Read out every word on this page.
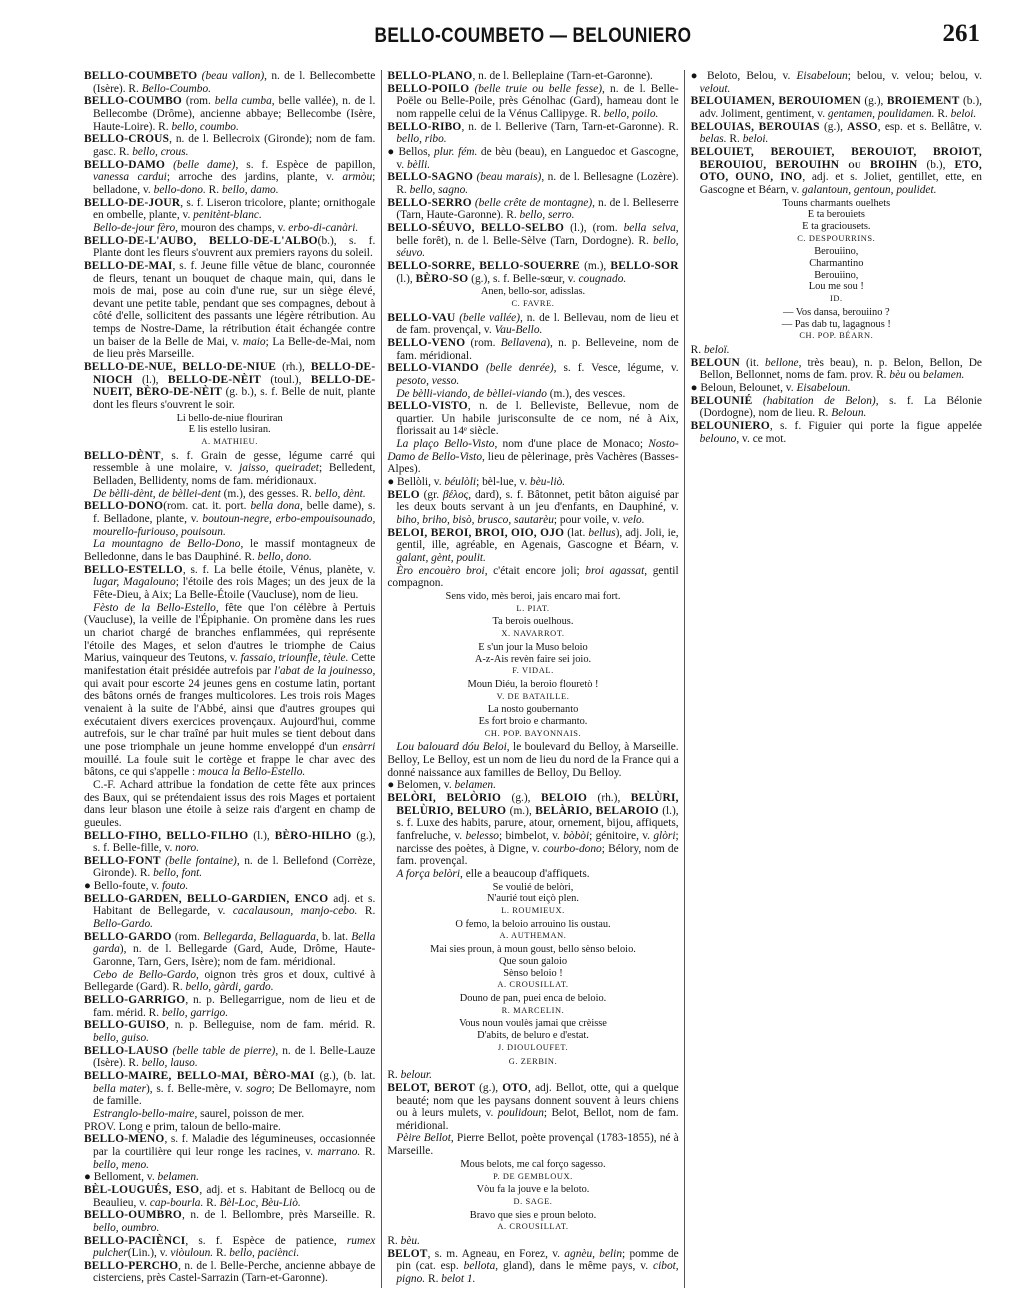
BELLO-COUMBETO — BELOUNIERO	261

BELLO-COUMBETO (beau vallon), n. de l. Bellecombette (Isère). R. Bello-Coumbo.

BELLO-COUMBO (rom. bella cumba, belle vallée), n. de l. Bellecombe (Drôme), ancienne abbaye; Bellecombe (Isère, Haute-Loire). R. bello, coumbo.

BELLO-CROUS, n. de l. Bellecroix (Gironde); nom de fam. gasc. R. bello, crous.

BELLO-DAMO (belle dame), s. f. Espèce de papillon, vanessa cardui; arroche des jardins, plante, v. armòu; belladone, v. bello-dono. R. bello, damo.

BELLO-DE-JOUR, s. f. Liseron tricolore, plante; ornithogale en ombelle, plante, v. penitènt-blanc.

Bello-de-jour fèro, mouron des champs, v. erbo-di-canàri.

BELLO-DE-L'AUBO, BELLO-DE-L'ALBO(b.), s. f. Plante dont les fleurs s'ouvrent aux premiers rayons du soleil.

BELLO-DE-MAI, s. f. Jeune fille vêtue de blanc, couronnée de fleurs, tenant un bouquet de chaque main, qui, dans le mois de mai, pose au coin d'une rue, sur un siège élevé, devant une petite table, pendant que ses compagnes, debout à côté d'elle, sollicitent des passants une légère rétribution. Au temps de Nostre-Dame, la rétribution était échangée contre un baiser de la Belle de Mai, v. maio; La Belle-de-Mai, nom de lieu près Marseille.

BELLO-DE-NUE, BELLO-DE-NIUE (rh.), BELLO-DE-NIOCH (l.), BELLO-DE-NÈIT (toul.), BELLO-DE-NUEIT, BÈRO-DE-NÈIT (g. b.), s. f. Belle de nuit, plante dont les fleurs s'ouvrent le soir.

Li bello-de-niue flouriran
E lis estello lusiran.
A. MATHIEU.

BELLO-DÈNT, s. f. Grain de gesse, légume carré qui ressemble à une molaire, v. jaisso, queiradet; Belledent, Belladen, Bellidenty, noms de fam. méridionaux.

De bèlli-dènt, de bèllei-dent (m.), des gesses. R. bello, dènt.

BELLO-DONO(rom. cat. it. port. bella dona, belle dame), s. f. Belladone, plante, v. boutoun-negre, erbo-empouisounado, mourello-furiouso, pouisoun.

La mountagno de Bello-Dono, le massif montagneux de Belledonne, dans le bas Dauphiné. R. bello, dono.

BELLO-ESTELLO, s. f. La belle étoile, Vénus, planète, v. lugar, Magalouno; l'étoile des rois Mages; un des jeux de la Fête-Dieu, à Aix; La Belle-Étoile (Vaucluse), nom de lieu.

Fèsto de la Bello-Estello, fête que l'on célèbre à Pertuis (Vaucluse), la veille de l'Épiphanie. On promène dans les rues un chariot chargé de branches enflammées, qui représente l'étoile des Mages, et selon d'autres le triomphe de Caius Marius, vainqueur des Teutons, v. fassaio, triounfle, tèule. Cette manifestation était présidée autrefois par l'abat de la jouinesso, qui avait pour escorte 24 jeunes gens en costume latin, portant des bâtons ornés de franges multicolores. Les trois rois Mages venaient à la suite de l'Abbé, ainsi que d'autres groupes qui exécutaient divers exercices provençaux. Aujourd'hui, comme autrefois, sur le char traîné par huit mules se tient debout dans une pose triomphale un jeune homme enveloppé d'un ensàrri mouillé. La foule suit le cortège et frappe le char avec des bâtons, ce qui s'appelle : mouca la Bello-Estello.

C.-F. Achard attribue la fondation de cette fête aux princes des Baux, qui se prétendaient issus des rois Mages et portaient dans leur blason une étoile à seize rais d'argent en champ de gueules.

BELLO-FIHO, BELLO-FILHO (l.), BÈRO-HILHO (g.), s. f. Belle-fille, v. noro.

BELLO-FONT (belle fontaine), n. de l. Bellefond (Corrèze, Gironde). R. bello, font.

● Bello-foute, v. fouto.

BELLO-GARDEN, BELLO-GARDIEN, ENCO adj. et s. Habitant de Bellegarde, v. cacalausoun, manjo-cebo. R. Bello-Gardo.

BELLO-GARDO (rom. Bellegarda, Bellaguarda, b. lat. Bella garda), n. de l. Bellegarde (Gard, Aude, Drôme, Haute-Garonne, Tarn, Gers, Isère); nom de fam. méridional.

Cebo de Bello-Gardo, oignon très gros et doux, cultivé à Bellegarde (Gard). R. bello, gàrdi, gardo.

BELLO-GARRIGO, n. p. Bellegarrigue, nom de lieu et de fam. mérid. R. bello, garrigo.

BELLO-GUISO, n. p. Belleguise, nom de fam. mérid. R. bello, guiso.

BELLO-LAUSO (belle table de pierre), n. de l. Belle-Lauze (Isère). R. bello, lauso.

BELLO-MAIRE, BELLO-MAI, BÈRO-MAI (g.), (b. lat. bella mater), s. f. Belle-mère, v. sogro; De Bellomayre, nom de famille.

Estranglo-bello-maire, saurel, poisson de mer.

PROV. Long e prim, taloun de bello-maire.

BELLO-MENO, s. f. Maladie des légumineuses, occasionnée par la courtilière qui leur ronge les racines, v. marrano. R. bello, meno.

● Belloment, v. belamen.

BÈL-LOUGUÉS, ESO, adj. et s. Habitant de Bellocq ou de Beaulieu, v. cap-bourla. R. Bèl-Loc, Bèu-Liò.

BELLO-OUMBRO, n. de l. Bellombre, près Marseille. R. bello, oumbro.

BELLO-PACIÈNCI, s. f. Espèce de patience, rumex pulcher(Lin.), v. viòuloun. R. bello, paciènci.

BELLO-PERCHO, n. de l. Belle-Perche, ancienne abbaye de cisterciens, près Castel-Sarrazin (Tarn-et-Garonne).

BELLO-PLANO, n. de l. Belleplaine (Tarn-et-Garonne).

BELLO-POILO (belle truie ou belle fesse), n. de l. Belle-Poële ou Belle-Poile, près Génolhac (Gard), hameau dont le nom rappelle celui de la Vénus Callipyge. R. bello, poilo.

BELLO-RIBO, n. de l. Bellerive (Tarn, Tarn-et-Garonne). R. bello, ribo.

● Bellos, plur. fém. de bèu (beau), en Languedoc et Gascogne, v. bèlli.

BELLO-SAGNO (beau marais), n. de l. Bellesagne (Lozère). R. bello, sagno.

BELLO-SERRO (belle crête de montagne), n. de l. Belleserre (Tarn, Haute-Garonne). R. bello, serro.

BELLO-SÉUVO, BELLO-SELBO (l.), (rom. bella selva, belle forêt), n. de l. Belle-Sèlve (Tarn, Dordogne). R. bello, séuvo.

BELLO-SORRE, BELLO-SOUERRE (m.), BELLO-SOR (l.), BÈRO-SO (g.), s. f. Belle-sœur, v. cougnado.

Anen, bello-sor, adisslas.
C. FAVRE.

BELLO-VAU (belle vallée), n. de l. Bellevau, nom de lieu et de fam. provençal, v. Vau-Bello.

BELLO-VENO (rom. Bellavena), n. p. Belleveine, nom de fam. méridional.

BELLO-VIANDO (belle denrée), s. f. Vesce, légume, v. pesoto, vesso.

De bèlli-viando, de bèllei-viando (m.), des vesces.

BELLO-VISTO, n. de l. Belleviste, Bellevue, nom de quartier. Un habile jurisconsulte de ce nom, né à Aix, florissait au 14ᵉ siècle.

La plaço Bello-Visto, nom d'une place de Monaco; Nosto-Damo de Bello-Visto, lieu de pèlerinage, près Vachères (Basses-Alpes).

● Bellòli, v. béulòli; bèl-lue, v. bèu-liò.

BELO (gr. βέλος, dard), s. f. Bâtonnet, petit bâton aiguisé par les deux bouts servant à un jeu d'enfants, en Dauphiné, v. biho, briho, bisò, brusco, sautarèu; pour voile, v. velo.

BELOI, BEROI, BROI, OIO, OJO (lat. bellus), adj. Joli, ie, gentil, ille, agréable, en Agenais, Gascogne et Béarn, v. galant, gènt, poulit.

Èro encouèro broi, c'était encore joli; broi agassat, gentil compagnon.

Sens vido, mès beroi, jais encaro mai fort.
L. PIAT.
Ta berois ouelhous.
X. NAVARROT.
E s'un jour la Muso beloio
A-z-Ais revèn faire sei joio.
F. VIDAL.
Moun Diéu, la beroio flouretò !
V. DE BATAILLE.
La nosto goubernanto
Es fort broio e charmanto.
CH. POP. BAYONNAIS.

Lou balouard dóu Beloi, le boulevard du Belloy, à Marseille. Belloy, Le Belloy, est un nom de lieu du nord de la France qui a donné naissance aux familles de Belloy, Du Belloy.

● Belomen, v. belamen.

BELÒRI, BELÒRIO (g.), BELOIO (rh.), BELÙRI, BELÙRIO, BELURO (m.), BELÀRIO, BELAROIO (l.), s. f. Luxe des habits, parure, atour, ornement, bijou, affiquets, fanfreluche, v. belesso; bimbelot, v. bòbòi; génitoire, v. glòri; narcisse des poètes, à Digne, v. courbo-dono; Bélory, nom de fam. provençal.

A força belòri, elle a beaucoup d'affiquets.

Se voulié de belòri,
N'aurié tout eiçò plen.
L. ROUMIEUX.
O femo, la beloio arrouino lis oustau.
A. AUTHEMAN.
Mai sies proun, à moun goust, bello sènso beloio.
Que soun galoio
Sènso beloio !
A. CROUSILLAT.
Douno de pan, puei enca de beloio.
R. MARCELIN.
Vous noun voulès jamai que crèisse
D'abits, de beluro e d'estat.
J. DIOULOUFET.
G. ZERBIN.

R. belour.

BELOT, BEROT (g.), OTO, adj. Bellot, otte, qui a quelque beauté; nom que les paysans donnent souvent à leurs chiens ou à leurs mulets, v. poulidoun; Belot, Bellot, nom de fam. méridional.

Pèire Bellot, Pierre Bellot, poète provençal (1783-1855), né à Marseille.

Mous belots, me cal forço sagesso.
P. DE GEMBLOUX.
Vòu fa la jouve e la beloto.
D. SAGE.
Bravo que sies e proun beloto.
A. CROUSILLAT.

R. bèu.

BELOT, s. m. Agneau, en Forez, v. agnèu, belin; pomme de pin (cat. esp. bellota, gland), dans le même pays, v. cibot, pigno. R. belot 1.

● Beloto, Belou, v. Eisabeloun; belou, v. velou; belou, v. velout.

BELOUIAMEN, BEROUIOMEN (g.), BROIEMENT (b.), adv. Joliment, gentiment, v. gentamen, poulidamen. R. beloi.

BELOUIAS, BEROUIAS (g.), ASSO, esp. et s. Bellâtre, v. belas. R. beloi.

BELOUIET, BEROUIET, BEROUIOT, BROIOT, BEROUIOU, BEROUIHN ou BROIHN (b.), ETO, OTO, OUNO, INO, adj. et s. Joliet, gentillet, ette, en Gascogne et Béarn, v. galantoun, gentoun, poulidet.

Touns charmants ouelhets
E ta berouiets
E ta graciousets.
C. DESPOURRINS.
Berouiino,
Charmantino
Berouiino,
Lou me sou !
ID.
— Vos dansa, berouiino ?
— Pas dab tu, lagagnous !
CH. POP. BÉARN.

R. beloï.

BELOUN (it. bellone, très beau), n. p. Belon, Bellon, De Bellon, Bellonnet, noms de fam. prov. R. bèu ou belamen.

● Beloun, Belounet, v. Eisabeloun.

BELOUNIÉ (habitation de Belon), s. f. La Bélonie (Dordogne), nom de lieu. R. Beloun.

BELOUNIERO, s. f. Figuier qui porte la figue appelée belouno, v. ce mot.
